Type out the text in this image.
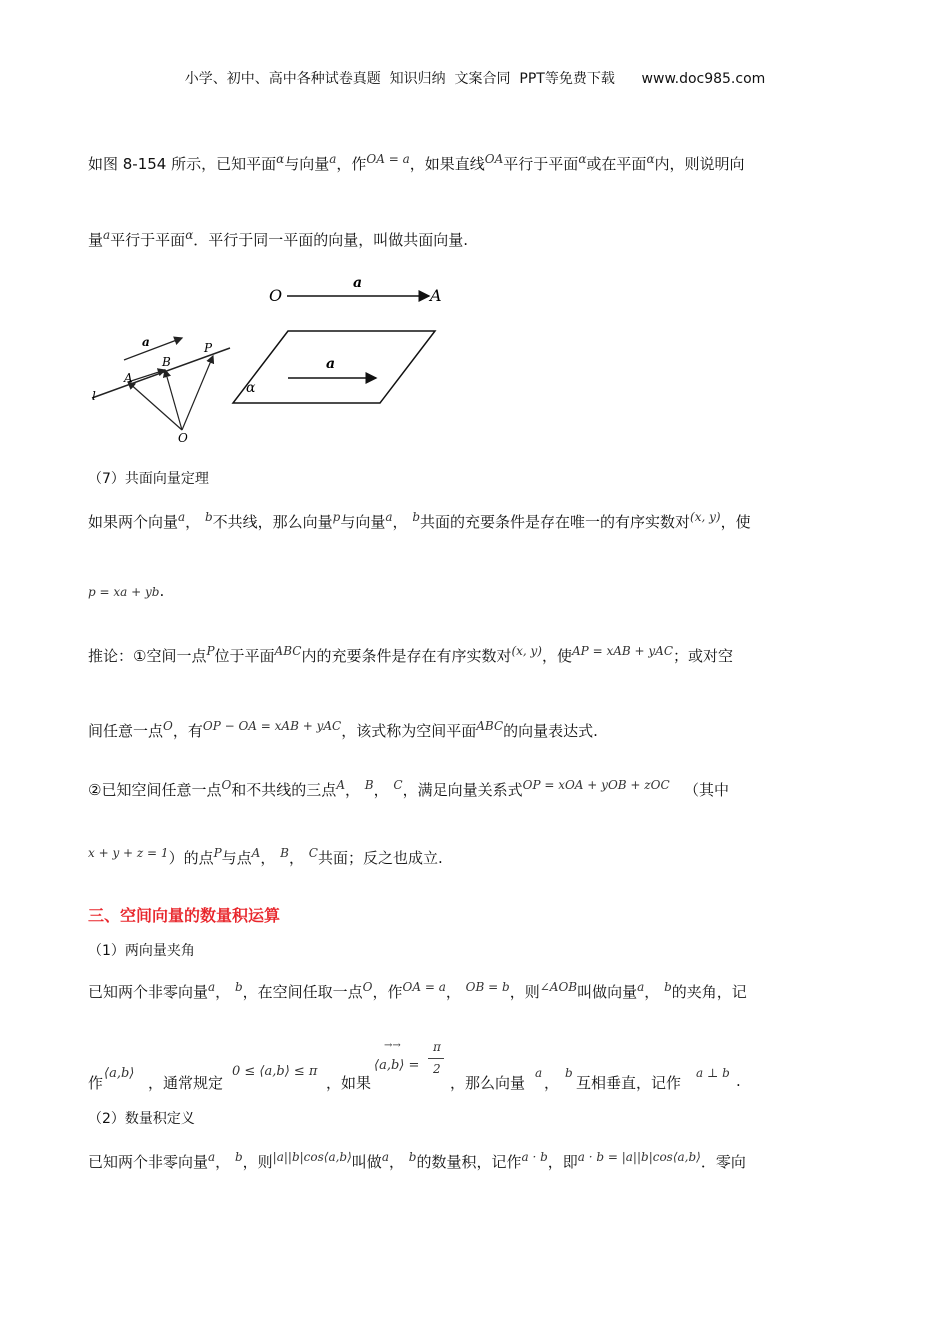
小学、初中、高中各种试卷真题  知识归纳  文案合同  PPT等免费下载 www.doc985.com
如图 8-154 所示，已知平面$^\alpha$与向量$^a$，作$^{OA = a}$，如果直线$^{OA}$平行于平面$^\alpha$或在平面$^\alpha$内，则说明向
量$^a$平行于平面$^\alpha$．平行于同一平面的向量，叫做共面向量.
a
B
P
A
l
O
O
a
A
a
α
（7）共面向量定理
如果两个向量$^a$， $^b$不共线，那么向量$^p$与向量$^a$， $^b$共面的充要条件是存在唯一的有序实数对$^{(x, y)}$，使
p = xa + yb.
推论：①空间一点$^P$位于平面$^{ABC}$内的充要条件是存在有序实数对$^{(x, y)}$，使$^{AP = xAB + yAC}$；或对空
间任意一点$^O$，有$^{OP - OA = xAB + yAC}$，该式称为空间平面$^{ABC}$的向量表达式.
②已知空间任意一点$^O$和不共线的三点$^A$， $^B$， $^C$，满足向量关系式$^{OP = xOA + yOB + zOC}$ （其中
$^{x + y + z = 1}$）的点$^P$与点$^A$， $^B$， $^C$共面；反之也成立.
三、空间向量的数量积运算
（1）两向量夹角
已知两个非零向量$^a$， $^b$，在空间任取一点$^O$，作$^{OA = a}$， $^{OB = b}$，则$^{\angle AOB}$叫做向量$^a$， $^b$的夹角，记
作
⟨a,b⟩
，通常规定
0 ≤ ⟨a,b⟩ ≤ π
，如果
→→
⟨a,b⟩ =
π
2
，那么向量
a
，
b
互相垂直，记作
a ⊥ b .
（2）数量积定义
已知两个非零向量$^a$， $^b$，则$^{|a||b|cos⟨a,b⟩}$叫做$^a$， $^b$的数量积，记作$^{a \cdot b}$，即$^{a \cdot b = |a||b|cos⟨a,b⟩}$．零向
